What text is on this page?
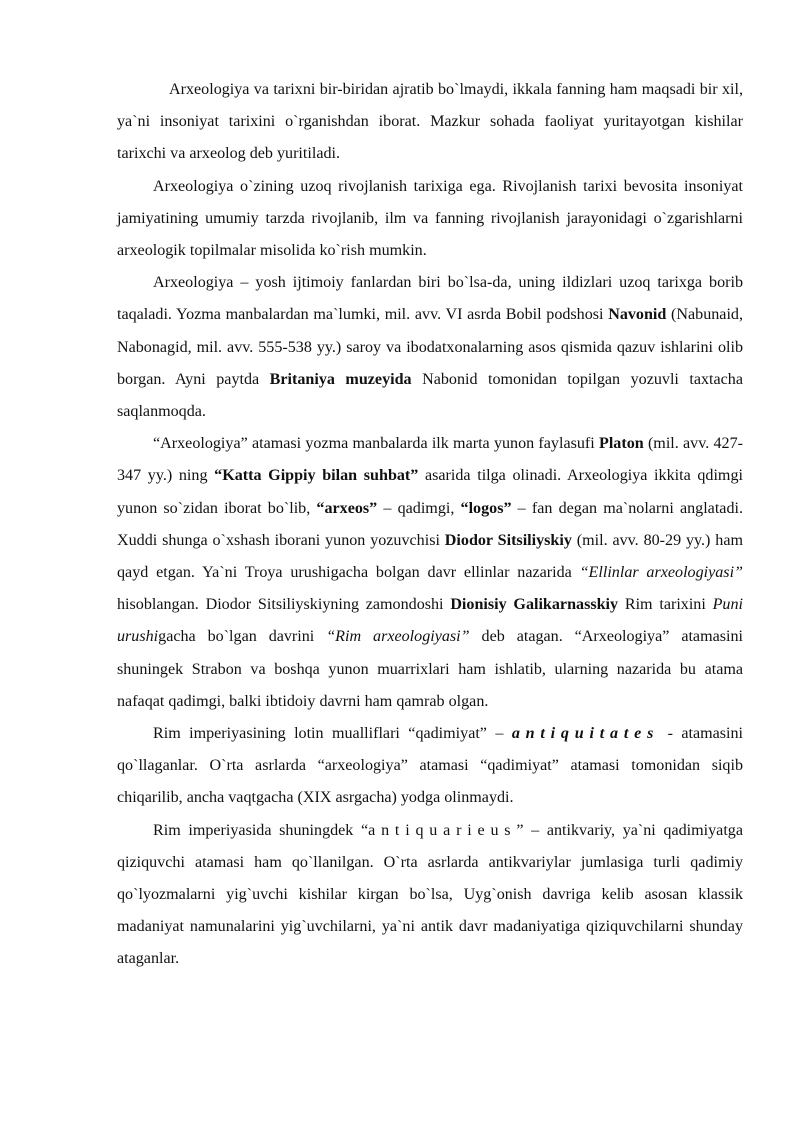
Arxeologiya va tarixni bir-biridan ajratib bo`lmaydi, ikkala fanning ham maqsadi bir xil, ya`ni insoniyat tarixini o`rganishdan iborat. Mazkur sohada faoliyat yuritayotgan kishilar tarixchi va arxeolog deb yuritiladi.

Arxeologiya o`zining uzoq rivojlanish tarixiga ega. Rivojlanish tarixi bevosita insoniyat jamiyatining umumiy tarzda rivojlanib, ilm va fanning rivojlanish jarayonidagi o`zgarishlarni arxeologik topilmalar misolida ko`rish mumkin.

Arxeologiya – yosh ijtimoiy fanlardan biri bo`lsa-da, uning ildizlari uzoq tarixga borib taqaladi. Yozma manbalardan ma`lumki, mil. avv. VI asrda Bobil podshosi Navonid (Nabunaid, Nabonagid, mil. avv. 555-538 yy.) saroy va ibodatxonalarning asos qismida qazuv ishlarini olib borgan. Ayni paytda Britaniya muzeyida Nabonid tomonidan topilgan yozuvli taxtacha saqlanmoqda.

“Arxeologiya” atamasi yozma manbalarda ilk marta yunon faylasufi Platon (mil. avv. 427-347 yy.) ning “Katta Gippiy bilan suhbat” asarida tilga olinadi. Arxeologiya ikkita qdimgi yunon so`zidan iborat bo`lib, “arxeos” – qadimgi, “logos” – fan degan ma`nolarni anglatadi. Xuddi shunga o`xshash iborani yunon yozuvchisi Diodor Sitsiliyskiy (mil. avv. 80-29 yy.) ham qayd etgan. Ya`ni Troya urushigacha bolgan davr ellinlar nazarida “Ellinlar arxeologiyasi” hisoblangan. Diodor Sitsiliyskiyning zamondoshi Dionisiy Galikarnasskiy Rim tarixini Puni urushigacha bo`lgan davrini “Rim arxeologiyasi” deb atagan. “Arxeologiya” atamasini shuningek Strabon va boshqa yunon muarrixlari ham ishlatib, ularning nazarida bu atama nafaqat qadimgi, balki ibtidoiy davrni ham qamrab olgan.

Rim imperiyasining lotin mualliflari “qadimiyat” – antiquitates - atamasini qo`llaganlar. O`rta asrlarda “arxeologiya” atamasi “qadimiyat” atamasi tomonidan siqib chiqarilib, ancha vaqtgacha (XIX asrgacha) yodga olinmaydi.

Rim imperiyasida shuningdek “antiquarieus” – antikvariy, ya`ni qadimiyatga qiziquvchi atamasi ham qo`llanilgan. O`rta asrlarda antikvariylar jumlasiga turli qadimiy qo`lyozmalarni yig`uvchi kishilar kirgan bo`lsa, Uyg`onish davriga kelib asosan klassik madaniyat namunalarini yig`uvchilarni, ya`ni antik davr madaniyatiga qiziquvchilarni shunday ataganlar.
